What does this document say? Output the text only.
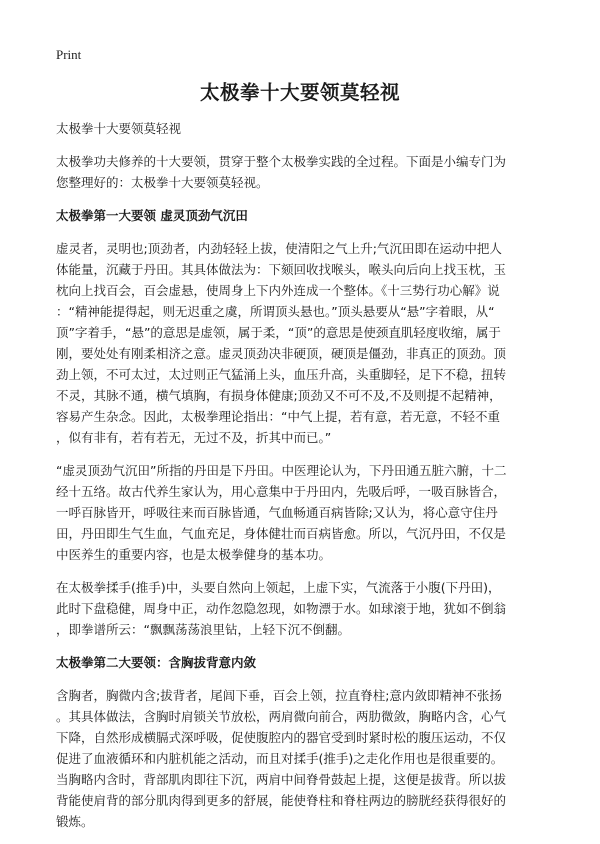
Print
太极拳十大要领莫轻视
太极拳十大要领莫轻视
太极拳功夫修养的十大要领，贯穿于整个太极拳实践的全过程。下面是小编专门为
您整理好的：太极拳十大要领莫轻视。
太极拳第一大要领 虚灵顶劲气沉田
虚灵者，灵明也;顶劲者，内劲轻轻上拔，使清阳之气上升;气沉田即在运动中把人
体能量，沉藏于丹田。其具体做法为：下颏回收找喉头，喉头向后向上找玉枕，玉
枕向上找百会，百会虚悬，使周身上下内外连成一个整体。《十三势行功心解》说
：“精神能提得起，则无迟重之虞，所谓顶头悬也。”顶头悬要从“悬”字着眼，从“
顶”字着手，“悬”的意思是虚领，属于柔，“顶”的意思是使颈直肌轻度收缩，属于
刚，要处处有刚柔相济之意。虚灵顶劲决非硬顶，硬顶是僵劲，非真正的顶劲。顶
劲上领，不可太过，太过则正气猛涌上头，血压升高，头重脚轻，足下不稳，扭转
不灵，其脉不通，横气填胸，有损身体健康;顶劲又不可不及,不及则提不起精神，
容易产生杂念。因此，太极拳理论指出：“中气上提，若有意，若无意，不轻不重
，似有非有，若有若无，无过不及，折其中而已。”
“虚灵顶劲气沉田”所指的丹田是下丹田。中医理论认为，下丹田通五脏六腑，十二
经十五络。故古代养生家认为，用心意集中于丹田内，先吸后呼，一吸百脉皆合，
一呼百脉皆开，呼吸往来而百脉皆通，气血畅通百病皆除;又认为，将心意守住丹
田，丹田即生气生血，气血充足，身体健壮而百病皆愈。所以，气沉丹田，不仅是
中医养生的重要内容，也是太极拳健身的基本功。
在太极拳揉手(推手)中，头要自然向上领起，上虚下实，气流落于小腹(下丹田)，
此时下盘稳健，周身中正，动作忽隐忽现，如物漂于水。如球滚于地，犹如不倒翁
，即拳谱所云：“飘飘荡荡浪里钻，上轻下沉不倒翻。
太极拳第二大要领：含胸拔背意内敛
含胸者，胸微内含;拔背者，尾闾下垂，百会上领，拉直脊柱;意内敛即精神不张扬
。其具体做法，含胸时肩锁关节放松，两肩微向前合，两肋微敛，胸略内含，心气
下降，自然形成横膈式深呼吸，促使腹腔内的器官受到时紧时松的腹压运动，不仅
促进了血液循环和内脏机能之活动，而且对揉手(推手)之走化作用也是很重要的。
当胸略内含时，背部肌肉即往下沉，两肩中间脊骨鼓起上提，这便是拔背。所以拔
背能使肩背的部分肌肉得到更多的舒展，能使脊柱和脊柱两边的膀胱经获得很好的
锻炼。
